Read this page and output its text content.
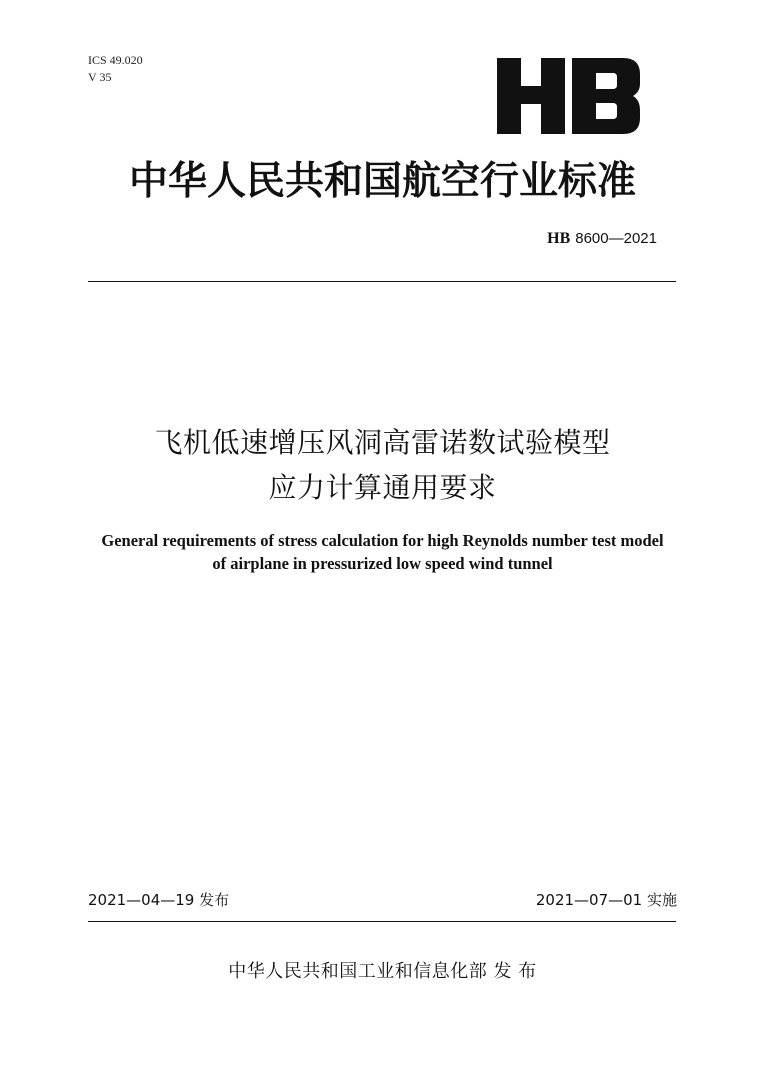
ICS 49.020
V 35
中华人民共和国航空行业标准
HB 8600—2021
飞机低速增压风洞高雷诺数试验模型
应力计算通用要求
General requirements of stress calculation for high Reynolds number test model
of airplane in pressurized low speed wind tunnel
2021—04—19 发布	2021—07—01 实施
中华人民共和国工业和信息化部 发 布
